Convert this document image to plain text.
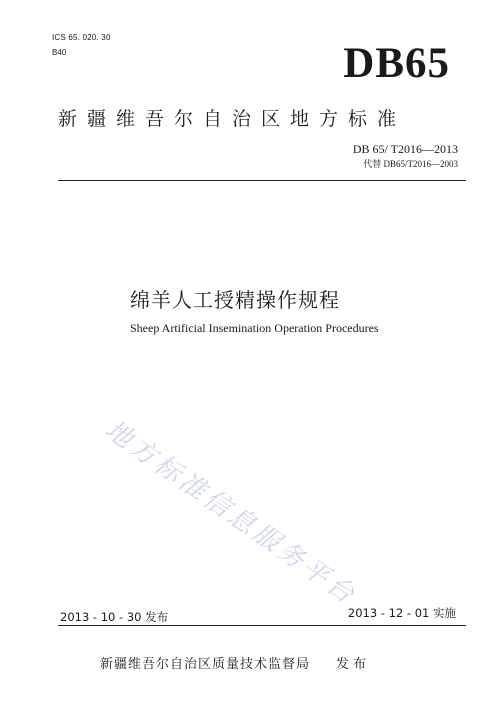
ICS 65. 020. 30
B40	DB65
新疆维吾尔自治区地方标准
DB 65/ T2016—2013
代替 DB65/T2016—2003
绵羊人工授精操作规程
Sheep Artificial Insemination Operation Procedures
地方标准信息服务平台
2013 - 10 - 30 发布	2013 - 12 - 01 实施
新疆维吾尔自治区质量技术监督局 发布
